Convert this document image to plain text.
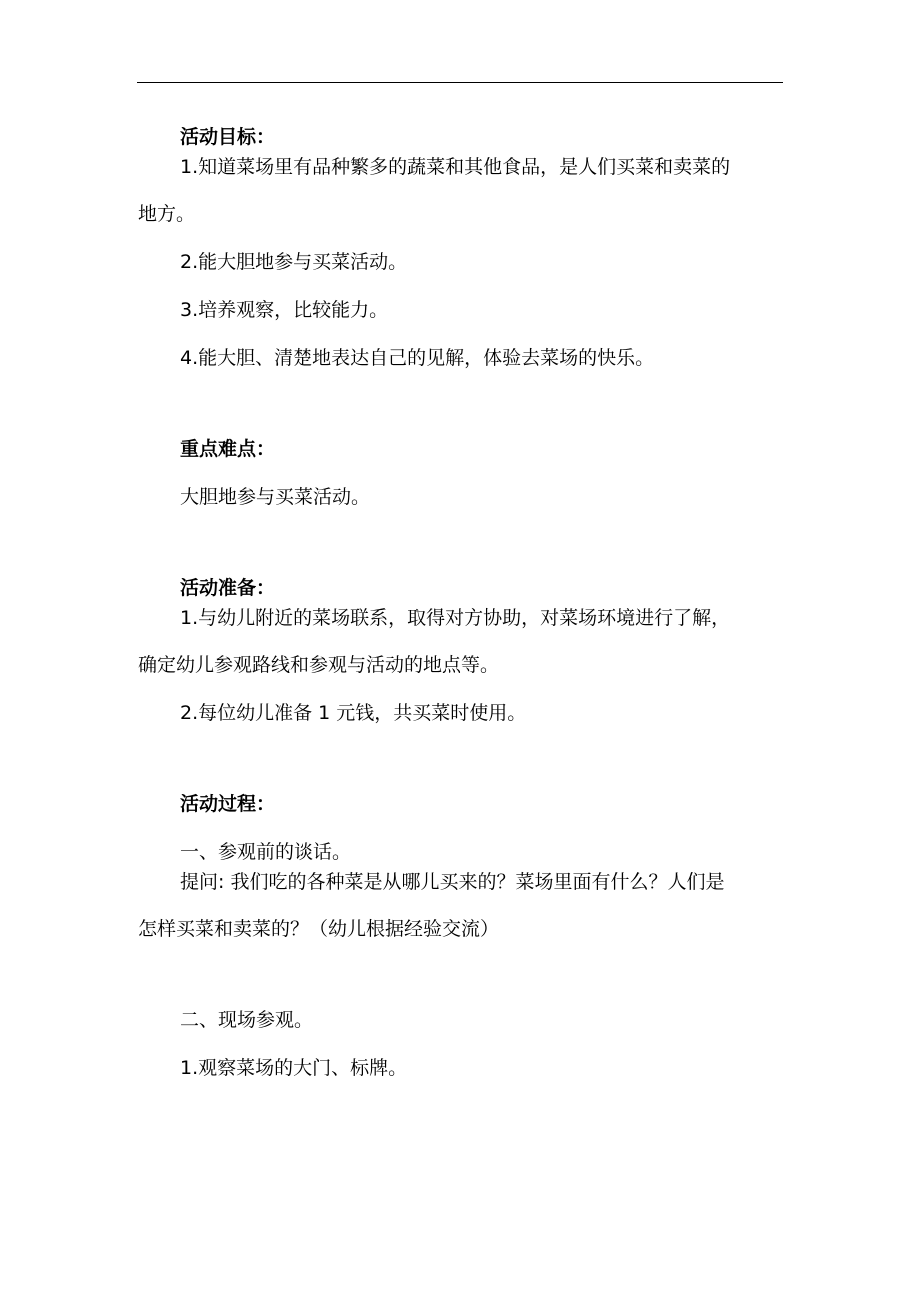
活动目标：

1.知道菜场里有品种繁多的蔬菜和其他食品，是人们买菜和卖菜的
地方。

2.能大胆地参与买菜活动。

3.培养观察，比较能力。

4.能大胆、清楚地表达自己的见解，体验去菜场的快乐。

重点难点：

大胆地参与买菜活动。

活动准备：

1.与幼儿附近的菜场联系，取得对方协助，对菜场环境进行了解，
确定幼儿参观路线和参观与活动的地点等。

2.每位幼儿准备 1 元钱，共买菜时使用。

活动过程：

一、参观前的谈话。

提问: 我们吃的各种菜是从哪儿买来的？菜场里面有什么？人们是
怎样买菜和卖菜的？（幼儿根据经验交流）

二、现场参观。

1.观察菜场的大门、标牌。
